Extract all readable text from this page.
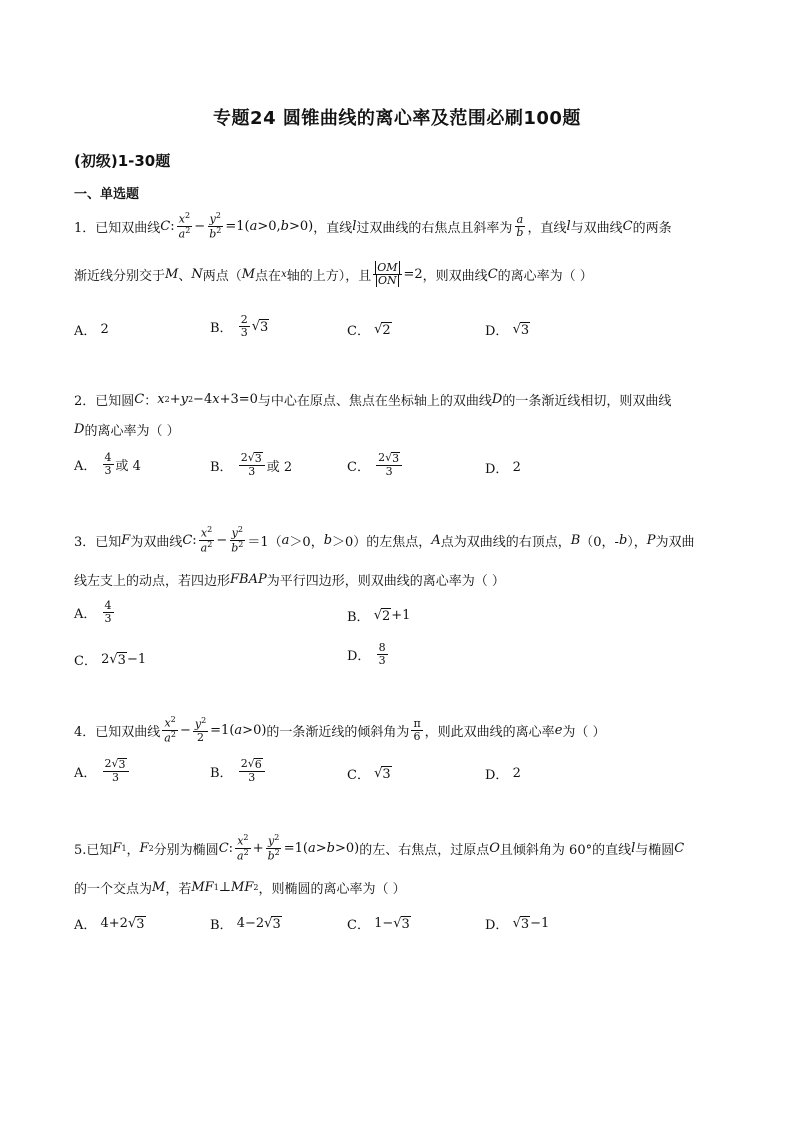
专题24 圆锥曲线的离心率及范围必刷100题
(初级)1-30题
一、单选题
1．已知双曲线 C : $\frac{x^2}{a^2} - \frac{y^2}{b^2} =1$( a >0, b >0) ，直线 l 过双曲线的右焦点且斜率为 $\frac{a}{b}$ ，直线 l 与双曲线 C 的两条
渐近线分别交于 M 、 N 两点（ M 点在 x 轴的上方），且 $\frac{OM}{ON} =2$ ，则双曲线 C 的离心率为（ ）
A．
2	B．
$\frac{2}{3}$ √ 3	C．
√ 2	D．
√ 3
2．已知圆 C ： x 2 + y 2 −4 x +3=0 与中心在原点、焦点在坐标轴上的双曲线 D 的一条渐近线相切，则双曲线
D 的离心率为（ ）
A．
$\frac{4}{3}$ 或 4	B．
$\frac{2√ 3}{3}$ 或 2	C．
$\frac{2√ 3}{3}$	D．
2
3．已知 F 为双曲线 C : $\frac{x^2}{a^2} - \frac{y^2}{b^2} =1$（ a ＞0， b ＞0）的左焦点， A 点为双曲线的右顶点， B （0，- b ）， P 为双曲
线左支上的动点，若四边形 FBAP 为平行四边形，则双曲线的离心率为（ ）
A．
$\frac{4}{3}$	B．
√ 2 +1
C． 2 √ 3 −1	D．
$\frac{8}{3}$
4．已知双曲线 $\frac{x^2}{a^2} - \frac{y^2}{2} =1$( a >0) 的一条渐近线的倾斜角为 $\frac{\pi}{6}$ ，则此双曲线的离心率 e 为（ ）
A．
$\frac{2√ 3}{3}$	B．
$\frac{2√ 6}{3}$	C．
√ 3	D．
2
5.已知 F 1 ， F 2 分别为椭圆 C : $\frac{x^2}{a^2} + \frac{y^2}{b^2} =1$( a > b >0) 的左、右焦点，过原点 O 且倾斜角为 60°的直线 l 与椭圆 C
的一个交点为 M ，若 MF 1 ⊥ MF 2 ，则椭圆的离心率为（ ）
A． 4+2 √ 3	B． 4−2 √ 3	C． 1− √ 3	D．
√ 3 −1
